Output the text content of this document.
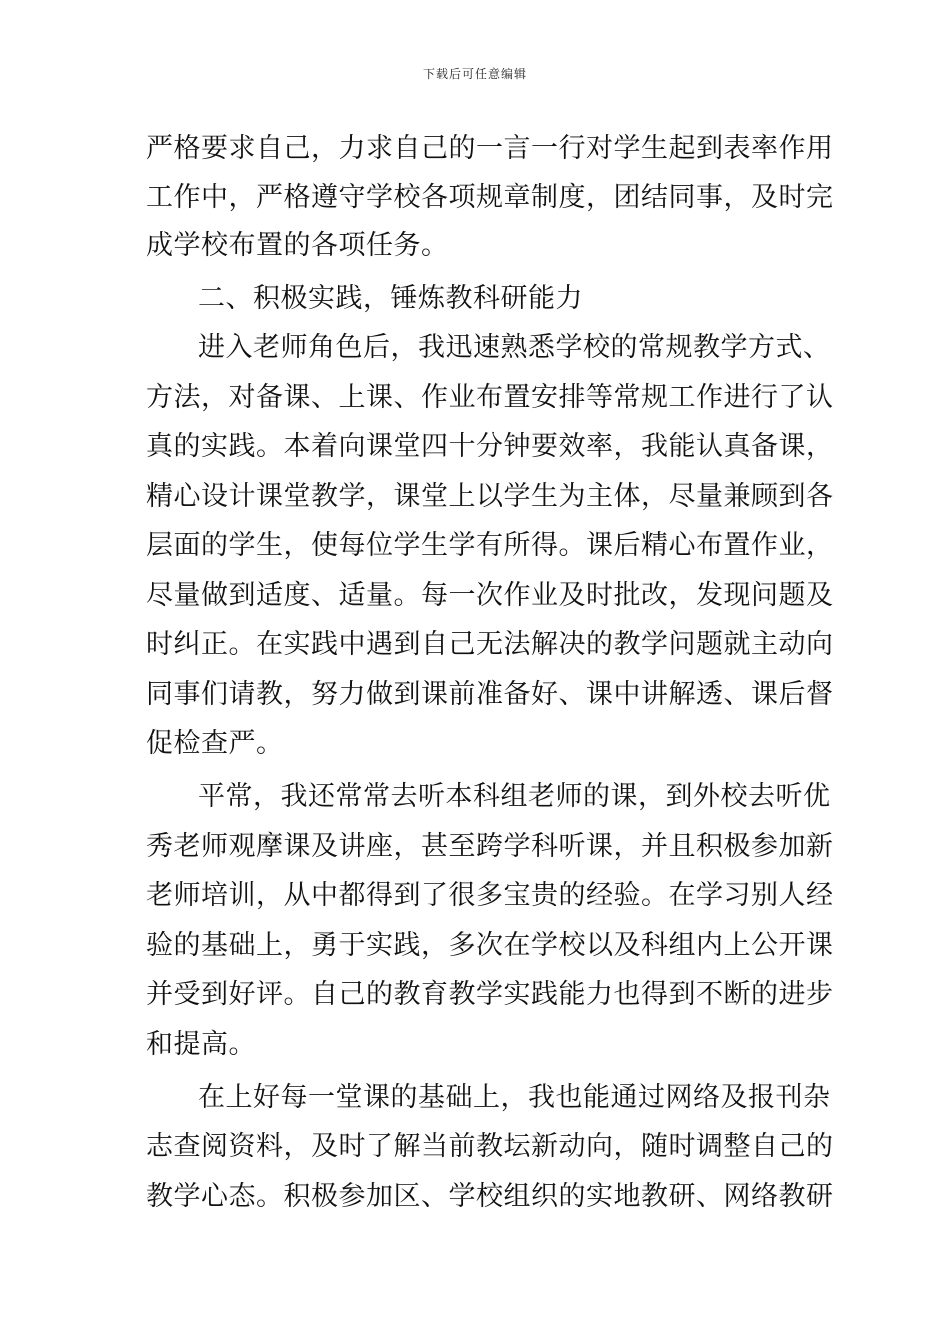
下载后可任意编辑
严格要求自己，力求自己的一言一行对学生起到表率作用
工作中，严格遵守学校各项规章制度，团结同事，及时完
成学校布置的各项任务。
二、积极实践，锤炼教科研能力
进入老师角色后，我迅速熟悉学校的常规教学方式、
方法，对备课、上课、作业布置安排等常规工作进行了认
真的实践。本着向课堂四十分钟要效率，我能认真备课，
精心设计课堂教学，课堂上以学生为主体，尽量兼顾到各
层面的学生，使每位学生学有所得。课后精心布置作业，
尽量做到适度、适量。每一次作业及时批改，发现问题及
时纠正。在实践中遇到自己无法解决的教学问题就主动向
同事们请教，努力做到课前准备好、课中讲解透、课后督
促检查严。
平常，我还常常去听本科组老师的课，到外校去听优
秀老师观摩课及讲座，甚至跨学科听课，并且积极参加新
老师培训，从中都得到了很多宝贵的经验。在学习别人经
验的基础上，勇于实践，多次在学校以及科组内上公开课
并受到好评。自己的教育教学实践能力也得到不断的进步
和提高。
在上好每一堂课的基础上，我也能通过网络及报刊杂
志查阅资料，及时了解当前教坛新动向，随时调整自己的
教学心态。积极参加区、学校组织的实地教研、网络教研
